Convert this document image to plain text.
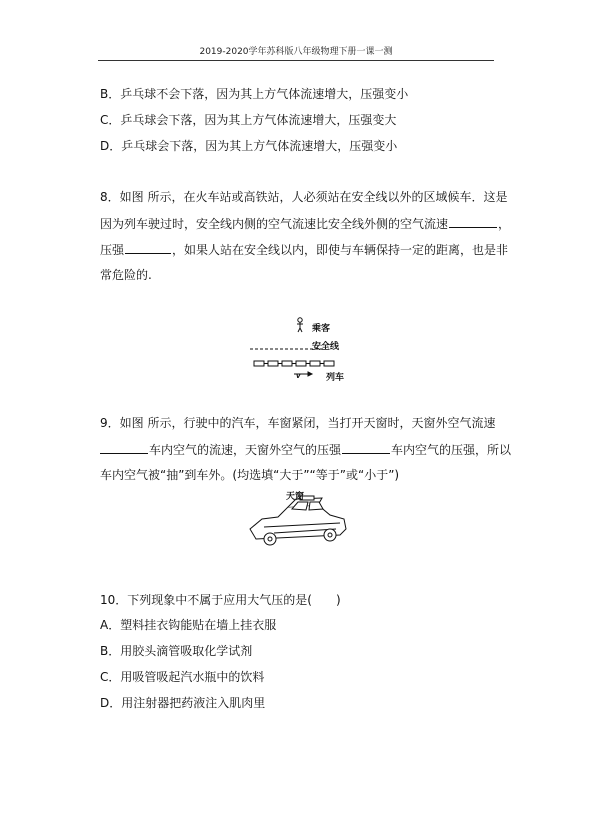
2019-2020学年苏科版八年级物理下册一课一测
B．乒乓球不会下落，因为其上方气体流速增大，压强变小
C．乒乓球会下落，因为其上方气体流速增大，压强变大
D．乒乓球会下落，因为其上方气体流速增大，压强变小
8．如图 所示，在火车站或高铁站，人必须站在安全线以外的区域候车．这是
因为列车驶过时，安全线内侧的空气流速比安全线外侧的空气流速	，
压强	，如果人站在安全线以内，即使与车辆保持一定的距离，也是非
常危险的.
乘客
安全线
列车
v
9．如图 所示，行驶中的汽车，车窗紧闭，当打开天窗时，天窗外空气流速
车内空气的流速，天窗外空气的压强	车内空气的压强，所以
车内空气被“抽”到车外。(均选填“大于”“等于”或“小于”)
天窗
10．下列现象中不属于应用大气压的是(　　)
A．塑料挂衣钩能贴在墙上挂衣服
B．用胶头滴管吸取化学试剂
C．用吸管吸起汽水瓶中的饮料
D．用注射器把药液注入肌肉里
